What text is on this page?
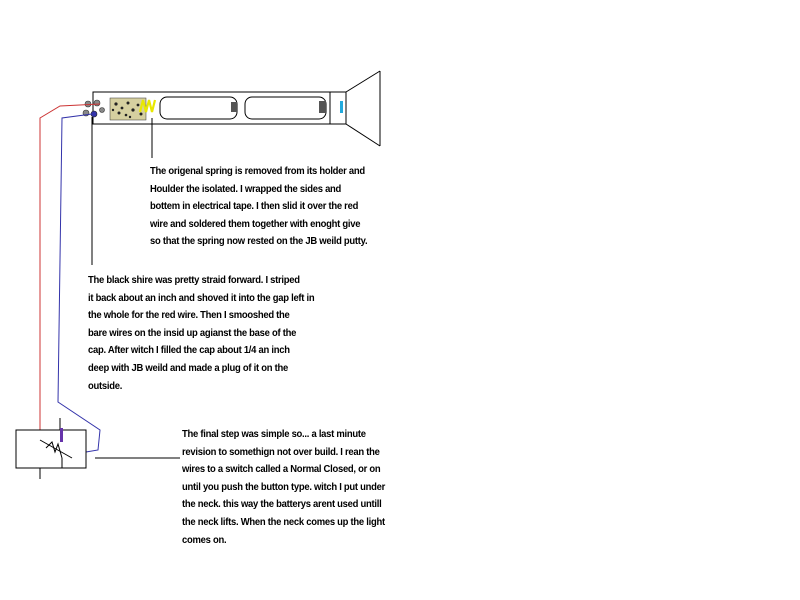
The origenal spring is removed from its holder and
Houlder the isolated. I wrapped the sides and
bottem in electrical tape. I then slid it over the red
wire and soldered them together with enoght give
so that the spring now rested on the JB weild putty.
The black shire was pretty straid forward. I striped
it back about an inch and shoved it into the gap left in
the whole for the red wire. Then I smooshed the
bare wires on the insid up agianst the base of the
cap. After witch I filled the cap about 1/4 an inch
deep with JB weild and made a plug of it on the
outside.
The final step was simple so... a last minute
revision to somethign not over build. I rean the
wires to a switch called a Normal Closed, or on
until you push the button type. witch I put under
the neck. this way the batterys arent used untill
the neck lifts. When the neck comes up the light
comes on.
